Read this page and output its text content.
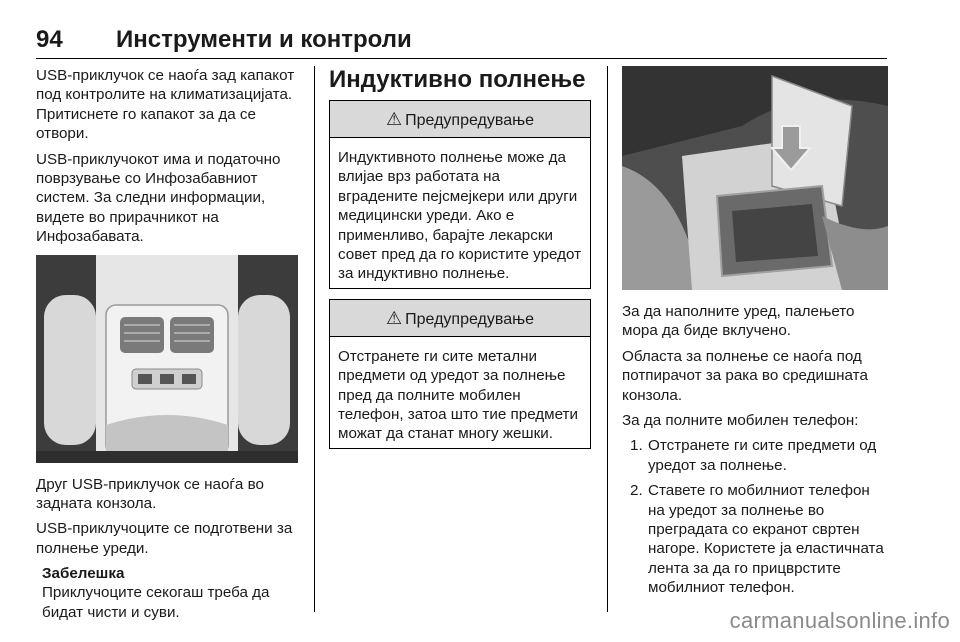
94 Инструменти и контроли

USB-приклучок се наоѓа зад капакот под контролите на климатизацијата. Притиснете го капакот за да се отвори.

USB-приклучокот има и податочно поврзување со Инфозабавниот систем. За следни информации, видете во прирачникот на Инфозабавата.

Друг USB-приклучок се наоѓа во задната конзола.

USB-приклучоците се подготвени за полнење уреди.

Забелешка

Приклучоците секогаш треба да бидат чисти и суви.

Индуктивно полнење
⚠ Предупредување

Индуктивното полнење може да влијае врз работата на вградените пејсмејкери или други медицински уреди. Ако е применливо, барајте лекарски совет пред да го користите уредот за индуктивно полнење.

⚠ Предупредување

Отстранете ги сите метални предмети од уредот за полнење пред да полните мобилен телефон, затоа што тие предмети можат да станат многу жешки.

За да наполните уред, палењето мора да биде вклучено.

Областа за полнење се наоѓа под потпирачот за рака во средишната конзола.

За да полните мобилен телефон:

1. Отстранете ги сите предмети од уредот за полнење.
2. Ставете го мобилниот телефон на уредот за полнење во преградата со екранот свртен нагоре. Користете ја еластичната лента за да го прицврстите мобилниот телефон.
carmanualsonline.info
